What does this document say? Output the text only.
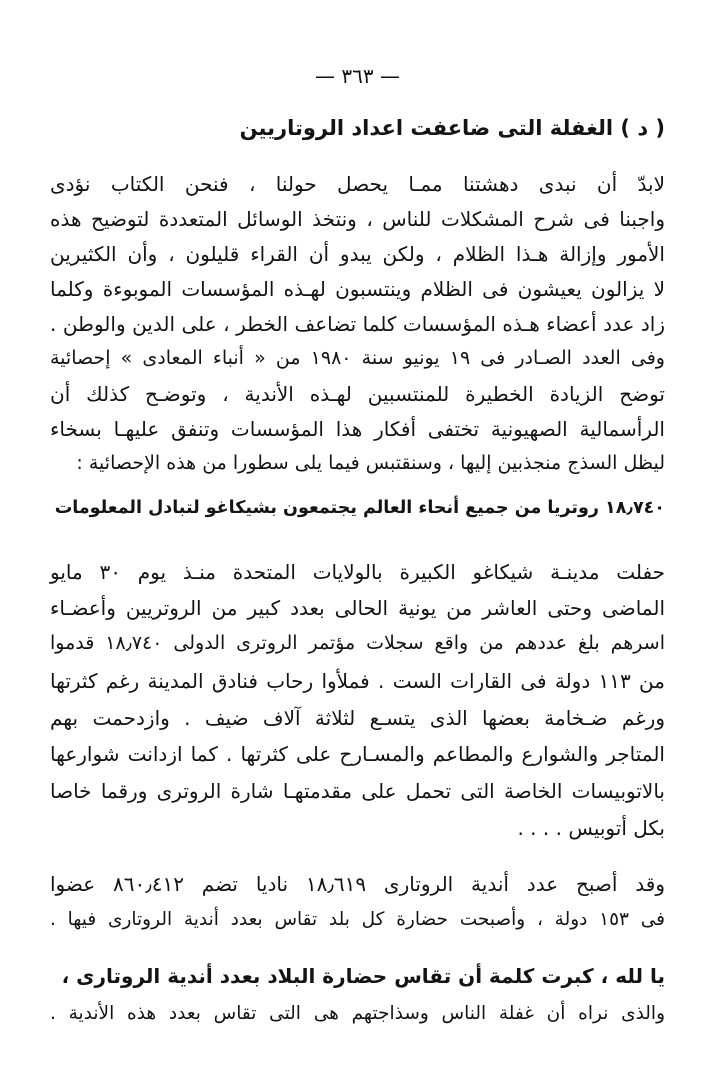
— ٣٦٣ —
( د ) الغفلة التى ضاعفت اعداد الروتاريين
لابدّ أن نبدى دهشتنا ممـا يحصل حولنا ، فنحن الكتاب نؤدى
واجبنا فى شرح المشكلات للناس ، ونتخذ الوسائل المتعددة لتوضيح هذه
الأمور وإزالة هـذا الظلام ، ولكن يبدو أن القراء قليلون ، وأن الكثيرين
لا يزالون يعيشون فى الظلام وينتسبون لهـذه المؤسسات الموبوءة وكلما
زاد عدد أعضاء هـذه المؤسسات كلما تضاعف الخطر ، على الدين والوطن .
وفى العدد الصـادر فى ١٩ يونيو سنة ١٩٨٠ من « أنباء المعادى » إحصائية
توضح الزيادة الخطيرة للمنتسبين لهـذه الأندية ، وتوضـح كذلك أن
الرأسمالية الصهيونية تختفى أفكار هذا المؤسسات وتنفق عليهـا بسخاء
ليظل السذج منجذبين إليها ، وسنقتبس فيما يلى سطورا من هذه الإحصائية :
١٨٫٧٤٠ روتريا من جميع أنحاء العالم يجتمعون بشيكاغو لتبادل المعلومات
حفلت مدينـة شيكاغو الكبيرة بالولايات المتحدة منـذ يوم ٣٠ مايو
الماضى وحتى العاشر من يونية الحالى بعدد كبير من الروتريين وأعضـاء
اسرهم بلغ عددهم من واقع سجلات مؤتمر الروترى الدولى ١٨٫٧٤٠ قدموا
من ١١٣ دولة فى القارات الست . فملأوا رحاب فنادق المدينة رغم كثرتها
ورغم ضـخامة بعضها الذى يتسـع لثلاثة آلاف ضيف . وازدحمت بهم
المتاجر والشوارع والمطاعم والمسـارح على كثرتها . كما ازدانت شوارعها
بالاتوبيسات الخاصة التى تحمل على مقدمتهـا شارة الروترى ورقما خاصا
بكل أتوبيس . . . .
وقد أصبح عدد أندية الروتارى ١٨٫٦١٩ ناديا تضم ٨٦٠٫٤١٢ عضوا
فى ١٥٣ دولة ، وأصبحت حضارة كل بلد تقاس بعدد أندية الروتارى فيها .
يا لله ، كبرت كلمة أن تقاس حضارة البلاد بعدد أندية الروتارى ،
والذى نراه أن غفلة الناس وسذاجتهم هى التى تقاس بعدد هذه الأندية .
